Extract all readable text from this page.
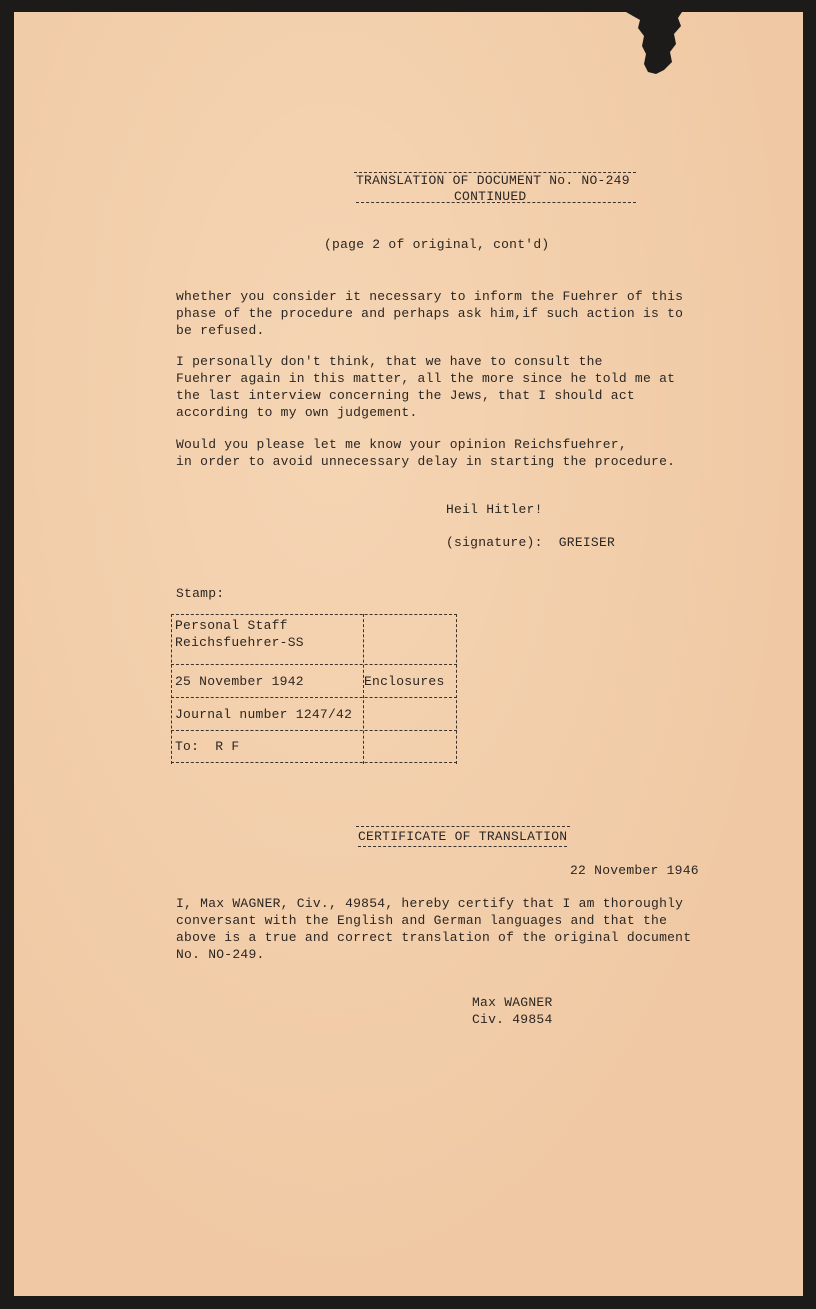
TRANSLATION OF DOCUMENT No. NO-249
CONTINUED
(page 2 of original, cont'd)
whether you consider it necessary to inform the Fuehrer of this
phase of the procedure and perhaps ask him,if such action is to
be refused.
I personally don't think, that we have to consult the
Fuehrer again in this matter, all the more since he told me at
the last interview concerning the Jews, that I should act
according to my own judgement.
Would you please let me know your opinion Reichsfuehrer,
in order to avoid unnecessary delay in starting the procedure.
Heil Hitler!
(signature):  GREISER
Stamp:
Personal Staff
Reichsfuehrer-SS
25 November 1942	Enclosures
Journal number 1247/42
To:  R F
CERTIFICATE OF TRANSLATION
22 November 1946
I, Max WAGNER, Civ., 49854, hereby certify that I am thoroughly
conversant with the English and German languages and that the
above is a true and correct translation of the original document
No. NO-249.
Max WAGNER
Civ. 49854
